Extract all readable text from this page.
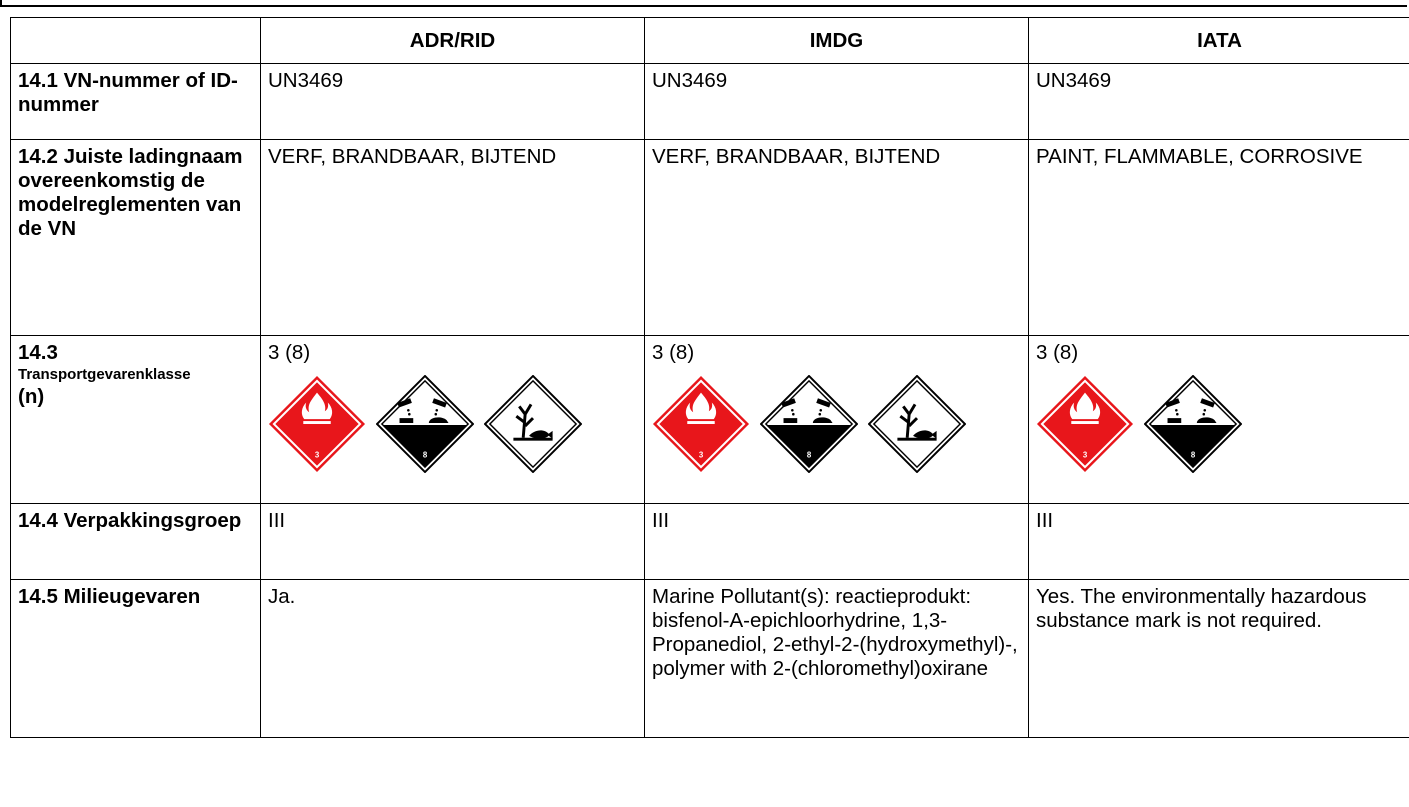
	ADR/RID	IMDG	IATA
14.1 VN-nummer of ID-nummer	UN3469	UN3469	UN3469
14.2 Juiste ladingnaam overeenkomstig de modelreglementen van de VN	VERF, BRANDBAAR, BIJTEND	VERF, BRANDBAAR, BIJTEND	PAINT, FLAMMABLE, CORROSIVE

14.3
Transportgevarenklasse
(n)	3 (8)	3 (8)	3 (8)

14.4 Verpakkingsgroep	III	III	III
14.5 Milieugevaren	Ja.	Marine Pollutant(s): reactieprodukt: bisfenol-A-epichloorhydrine, 1,3-Propanediol, 2-ethyl-2-(hydroxymethyl)-, polymer with 2-(chloromethyl)oxirane	Yes. The environmentally hazardous substance mark is not required.
